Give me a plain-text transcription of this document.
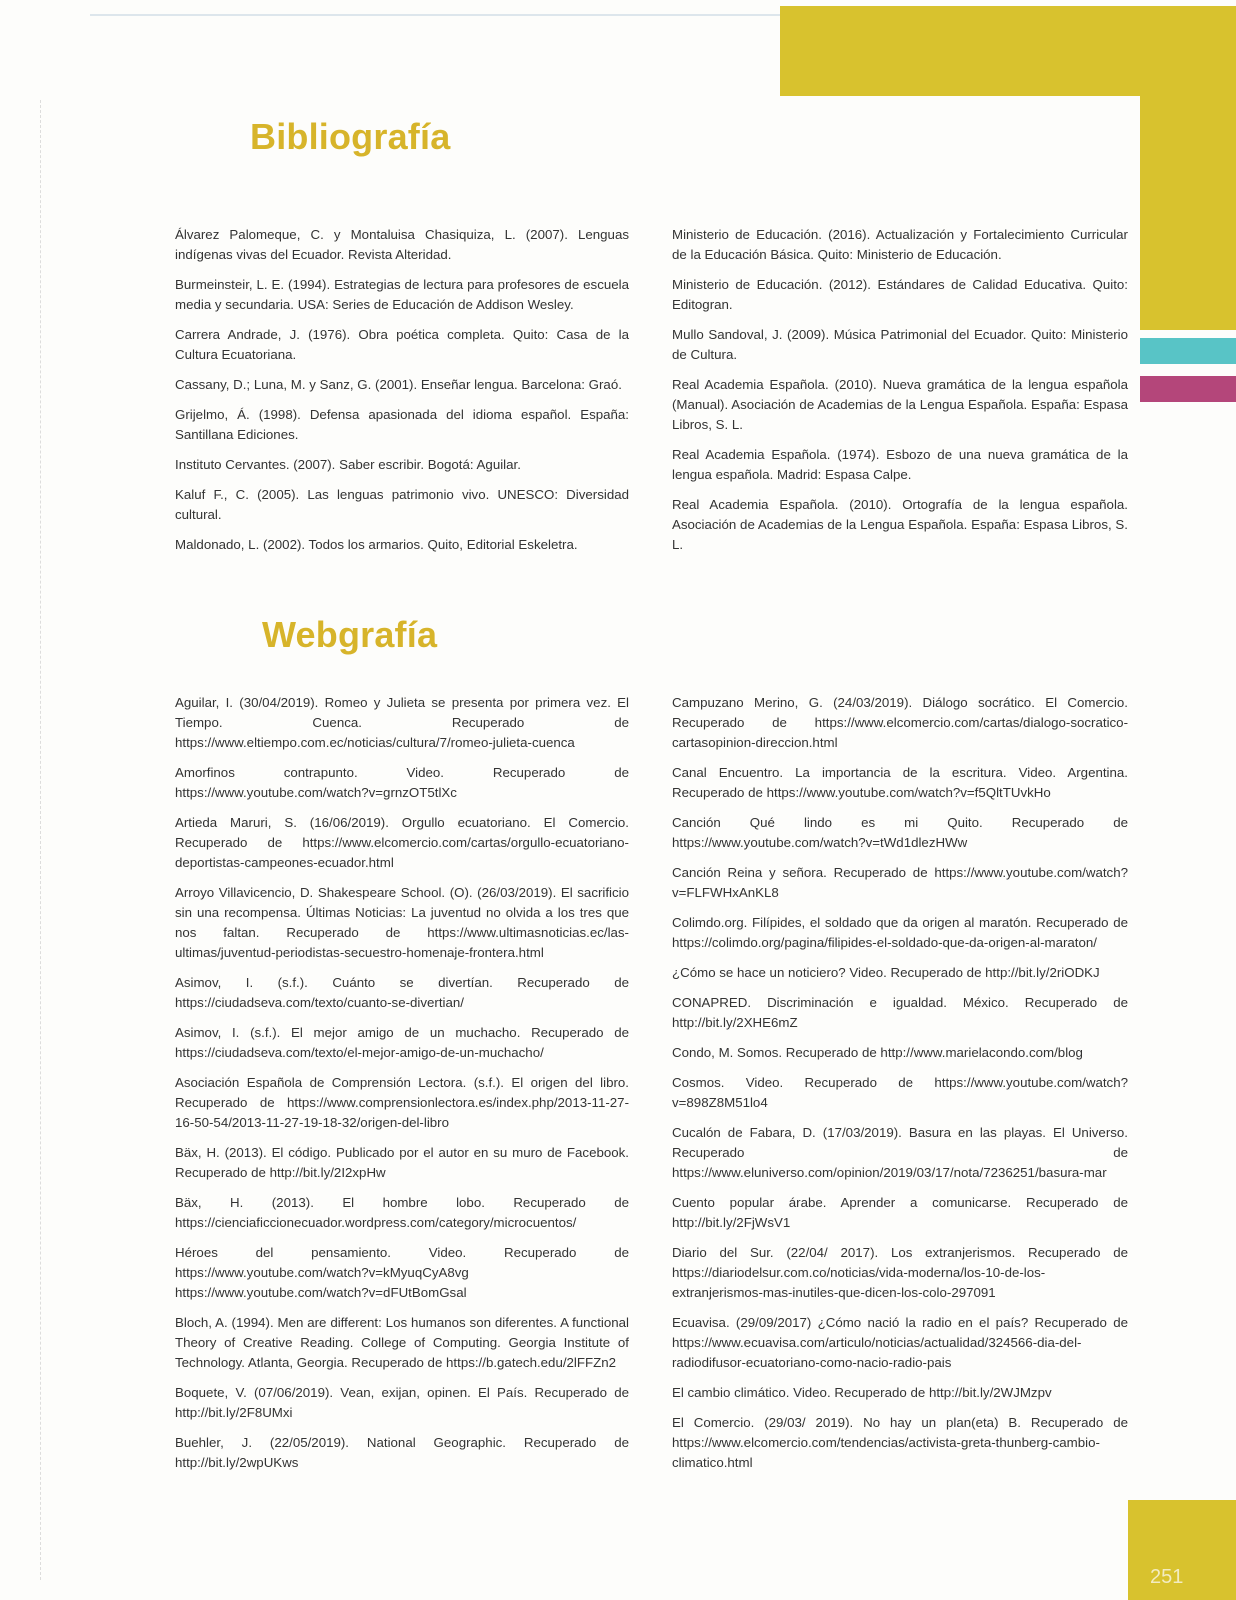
Bibliografía

Álvarez Palomeque, C. y Montaluisa Chasiquiza, L. (2007). Lenguas indígenas vivas del Ecuador. Revista Alteridad.

Burmeinsteir, L. E. (1994). Estrategias de lectura para profesores de escuela media y secundaria. USA: Series de Educación de Addison Wesley.

Carrera Andrade, J. (1976). Obra poética completa. Quito: Casa de la Cultura Ecuatoriana.

Cassany, D.; Luna, M. y Sanz, G. (2001). Enseñar lengua. Barcelona: Graó.

Grijelmo, Á. (1998). Defensa apasionada del idioma español. España: Santillana Ediciones.

Instituto Cervantes. (2007). Saber escribir. Bogotá: Aguilar.

Kaluf F., C. (2005). Las lenguas patrimonio vivo. UNESCO: Diversidad cultural.

Maldonado, L. (2002). Todos los armarios. Quito, Editorial Eskeletra.

Ministerio de Educación. (2016). Actualización y Fortalecimiento Curricular de la Educación Básica. Quito: Ministerio de Educación.

Ministerio de Educación. (2012). Estándares de Calidad Educativa. Quito: Editogran.

Mullo Sandoval, J. (2009). Música Patrimonial del Ecuador. Quito: Ministerio de Cultura.

Real Academia Española. (2010). Nueva gramática de la lengua española (Manual). Asociación de Academias de la Lengua Española. España: Espasa Libros, S. L.

Real Academia Española. (1974). Esbozo de una nueva gramática de la lengua española. Madrid: Espasa Calpe.

Real Academia Española. (2010). Ortografía de la lengua española. Asociación de Academias de la Lengua Española. España: Espasa Libros, S. L.

Webgrafía

Aguilar, I. (30/04/2019). Romeo y Julieta se presenta por primera vez. El Tiempo. Cuenca. Recuperado de https://www.eltiempo.com.ec/noticias/cultura/7/romeo-julieta-cuenca

Amorfinos contrapunto. Video. Recuperado de https://www.youtube.com/watch?v=grnzOT5tlXc

Artieda Maruri, S. (16/06/2019). Orgullo ecuatoriano. El Comercio. Recuperado de https://www.elcomercio.com/cartas/orgullo-ecuatoriano-deportistas-campeones-ecuador.html

Arroyo Villavicencio, D. Shakespeare School. (O). (26/03/2019). El sacrificio sin una recompensa. Últimas Noticias: La juventud no olvida a los tres que nos faltan. Recuperado de https://www.ultimasnoticias.ec/las-ultimas/juventud-periodistas-secuestro-homenaje-frontera.html

Asimov, I. (s.f.). Cuánto se divertían. Recuperado de https://ciudadseva.com/texto/cuanto-se-divertian/

Asimov, I. (s.f.). El mejor amigo de un muchacho. Recuperado de https://ciudadseva.com/texto/el-mejor-amigo-de-un-muchacho/

Asociación Española de Comprensión Lectora. (s.f.). El origen del libro. Recuperado de https://www.comprensionlectora.es/index.php/2013-11-27-16-50-54/2013-11-27-19-18-32/origen-del-libro

Bäx, H. (2013). El código. Publicado por el autor en su muro de Facebook. Recuperado de http://bit.ly/2I2xpHw

Bäx, H. (2013). El hombre lobo. Recuperado de https://cienciaficcionecuador.wordpress.com/category/microcuentos/

Héroes del pensamiento. Video. Recuperado de https://www.youtube.com/watch?v=kMyuqCyA8vg https://www.youtube.com/watch?v=dFUtBomGsal

Bloch, A. (1994). Men are different: Los humanos son diferentes. A functional Theory of Creative Reading. College of Computing. Georgia Institute of Technology. Atlanta, Georgia. Recuperado de https://b.gatech.edu/2lFFZn2

Boquete, V. (07/06/2019). Vean, exijan, opinen. El País. Recuperado de http://bit.ly/2F8UMxi

Buehler, J. (22/05/2019). National Geographic. Recuperado de http://bit.ly/2wpUKws

Campuzano Merino, G. (24/03/2019). Diálogo socrático. El Comercio. Recuperado de https://www.elcomercio.com/cartas/dialogo-socratico-cartasopinion-direccion.html

Canal Encuentro. La importancia de la escritura. Video. Argentina. Recuperado de https://www.youtube.com/watch?v=f5QltTUvkHo

Canción Qué lindo es mi Quito. Recuperado de https://www.youtube.com/watch?v=tWd1dlezHWw

Canción Reina y señora. Recuperado de https://www.youtube.com/watch?v=FLFWHxAnKL8

Colimdo.org. Filípides, el soldado que da origen al maratón. Recuperado de https://colimdo.org/pagina/filipides-el-soldado-que-da-origen-al-maraton/

¿Cómo se hace un noticiero? Video. Recuperado de http://bit.ly/2riODKJ

CONAPRED. Discriminación e igualdad. México. Recuperado de http://bit.ly/2XHE6mZ

Condo, M. Somos. Recuperado de http://www.marielacondo.com/blog

Cosmos. Video. Recuperado de https://www.youtube.com/watch?v=898Z8M51lo4

Cucalón de Fabara, D. (17/03/2019). Basura en las playas. El Universo. Recuperado de https://www.eluniverso.com/opinion/2019/03/17/nota/7236251/basura-mar

Cuento popular árabe. Aprender a comunicarse. Recuperado de http://bit.ly/2FjWsV1

Diario del Sur. (22/04/ 2017). Los extranjerismos. Recuperado de https://diariodelsur.com.co/noticias/vida-moderna/los-10-de-los-extranjerismos-mas-inutiles-que-dicen-los-colo-297091

Ecuavisa. (29/09/2017) ¿Cómo nació la radio en el país? Recuperado de https://www.ecuavisa.com/articulo/noticias/actualidad/324566-dia-del-radiodifusor-ecuatoriano-como-nacio-radio-pais

El cambio climático. Video. Recuperado de http://bit.ly/2WJMzpv

El Comercio. (29/03/ 2019). No hay un plan(eta) B. Recuperado de https://www.elcomercio.com/tendencias/activista-greta-thunberg-cambio-climatico.html

251
